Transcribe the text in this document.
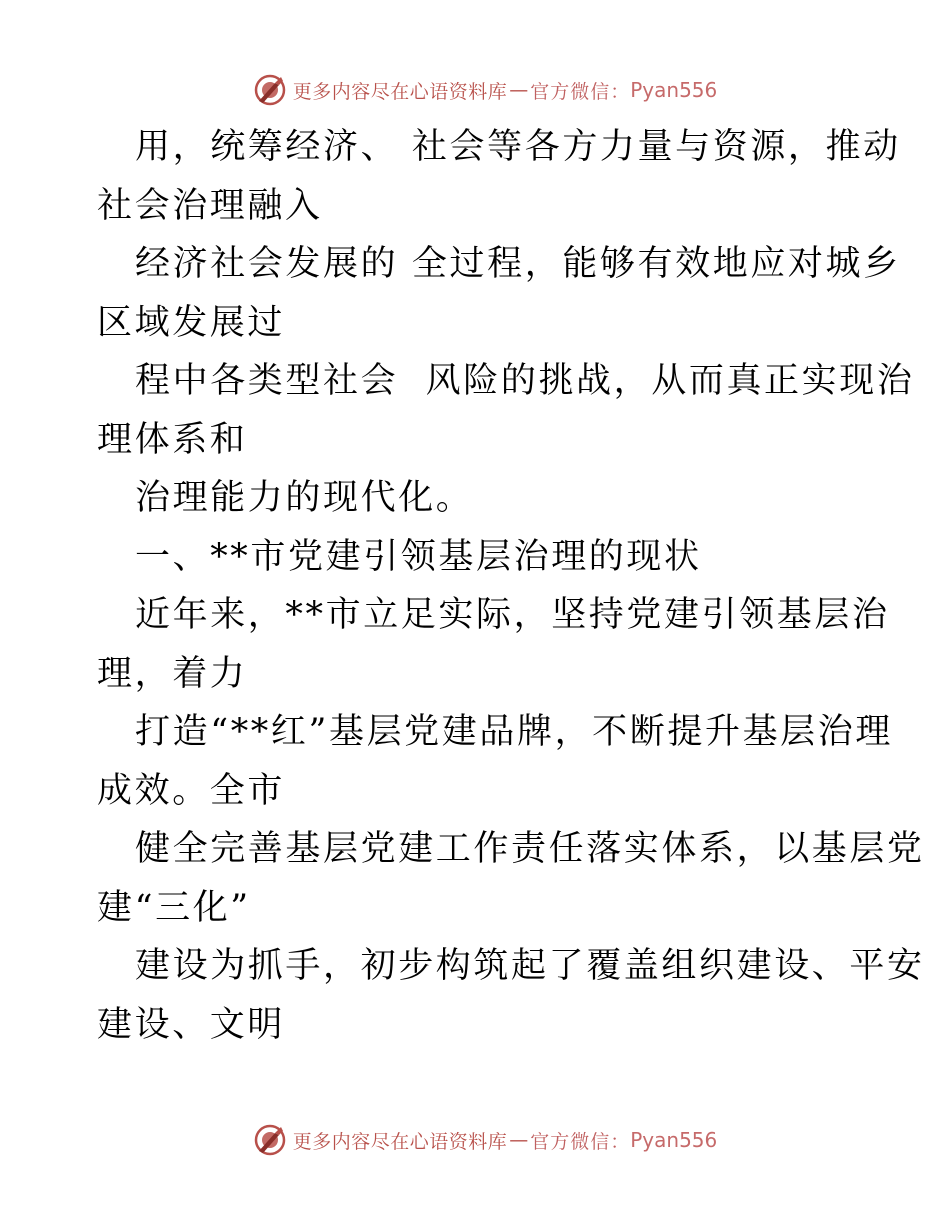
更多内容尽在心语资料库 — 官方微信： Pyan556
用，统筹经济、 社会等各方力量与资源，推动
社会治理融入
经济社会发展的 全过程，能够有效地应对城乡
区域发展过
程中各类型社会  风险的挑战，从而真正实现治
理体系和
治理能力的现代化。
一、**市党建引领基层治理的现状
近年来，**市立足实际，坚持党建引领基层治
理，着力
打造“**红”基层党建品牌，不断提升基层治理
成效。全市
健全完善基层党建工作责任落实体系，以基层党
建“三化”
建设为抓手，初步构筑起了覆盖组织建设、平安
建设、文明
更多内容尽在心语资料库 — 官方微信： Pyan556
